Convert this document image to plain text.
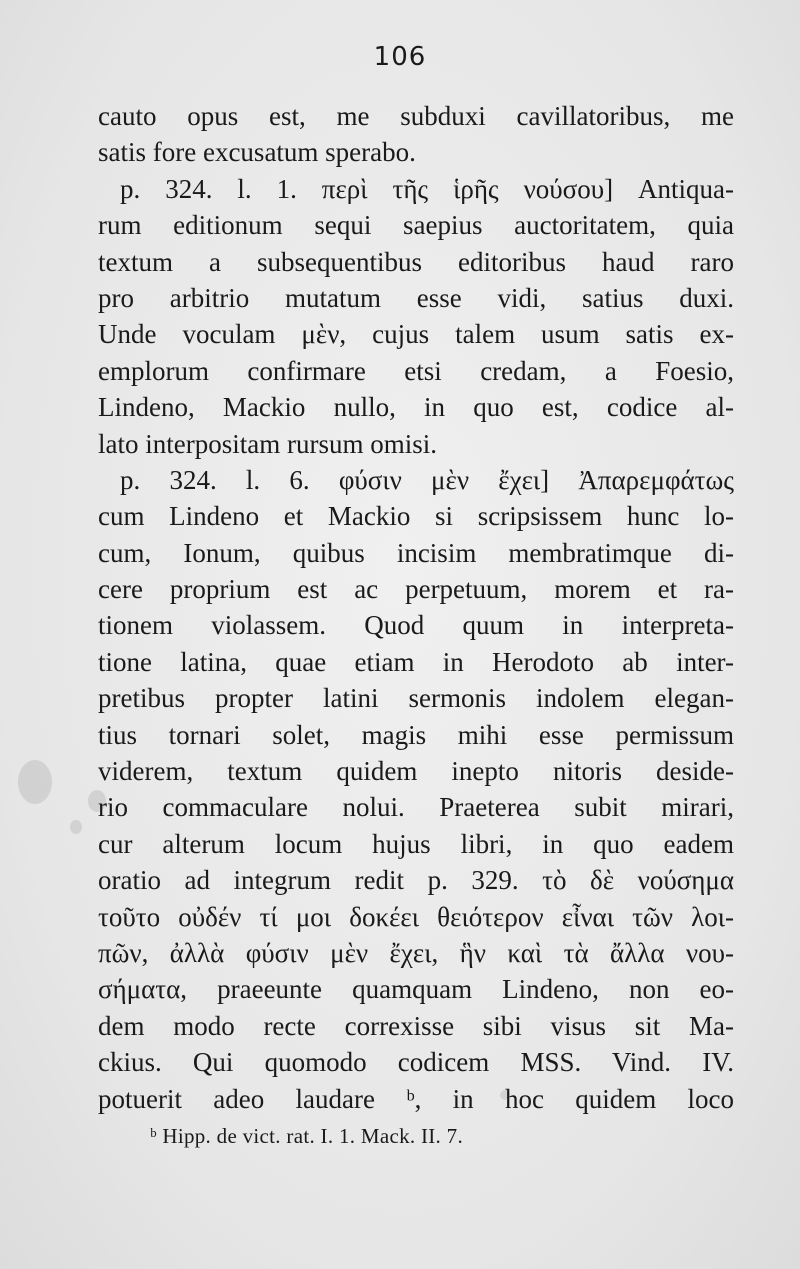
106
cauto opus est, me subduxi cavillatoribus, me
satis fore excusatum sperabo.
p. 324. l. 1. περὶ τῆς ἱρῆς νούσου] Antiqua-
rum editionum sequi saepius auctoritatem, quia
textum a subsequentibus editoribus haud raro
pro arbitrio mutatum esse vidi, satius duxi.
Unde voculam μὲν, cujus talem usum satis ex-
emplorum confirmare etsi credam, a Foesio,
Lindeno, Mackio nullo, in quo est, codice al-
lato interpositam rursum omisi.
p. 324. l. 6. φύσιν μὲν ἔχει] Ἀπαρεμφάτως
cum Lindeno et Mackio si scripsissem hunc lo-
cum, Ionum, quibus incisim membratimque di-
cere proprium est ac perpetuum, morem et ra-
tionem violassem. Quod quum in interpreta-
tione latina, quae etiam in Herodoto ab inter-
pretibus propter latini sermonis indolem elegan-
tius tornari solet, magis mihi esse permissum
viderem, textum quidem inepto nitoris deside-
rio commaculare nolui. Praeterea subit mirari,
cur alterum locum hujus libri, in quo eadem
oratio ad integrum redit p. 329. τὸ δὲ νούσημα
τοῦτο οὐδέν τί μοι δοκέει θειότερον εἶναι τῶν λοι-
πῶν, ἀλλὰ φύσιν μὲν ἔχει, ἣν καὶ τὰ ἄλλα νου-
σήματα, praeeunte quamquam Lindeno, non eo-
dem modo recte correxisse sibi visus sit Ma-
ckius. Qui quomodo codicem MSS. Vind. IV.
potuerit adeo laudare ᵇ, in hoc quidem loco
ᵇ Hipp. de vict. rat. I. 1. Mack. II. 7.
